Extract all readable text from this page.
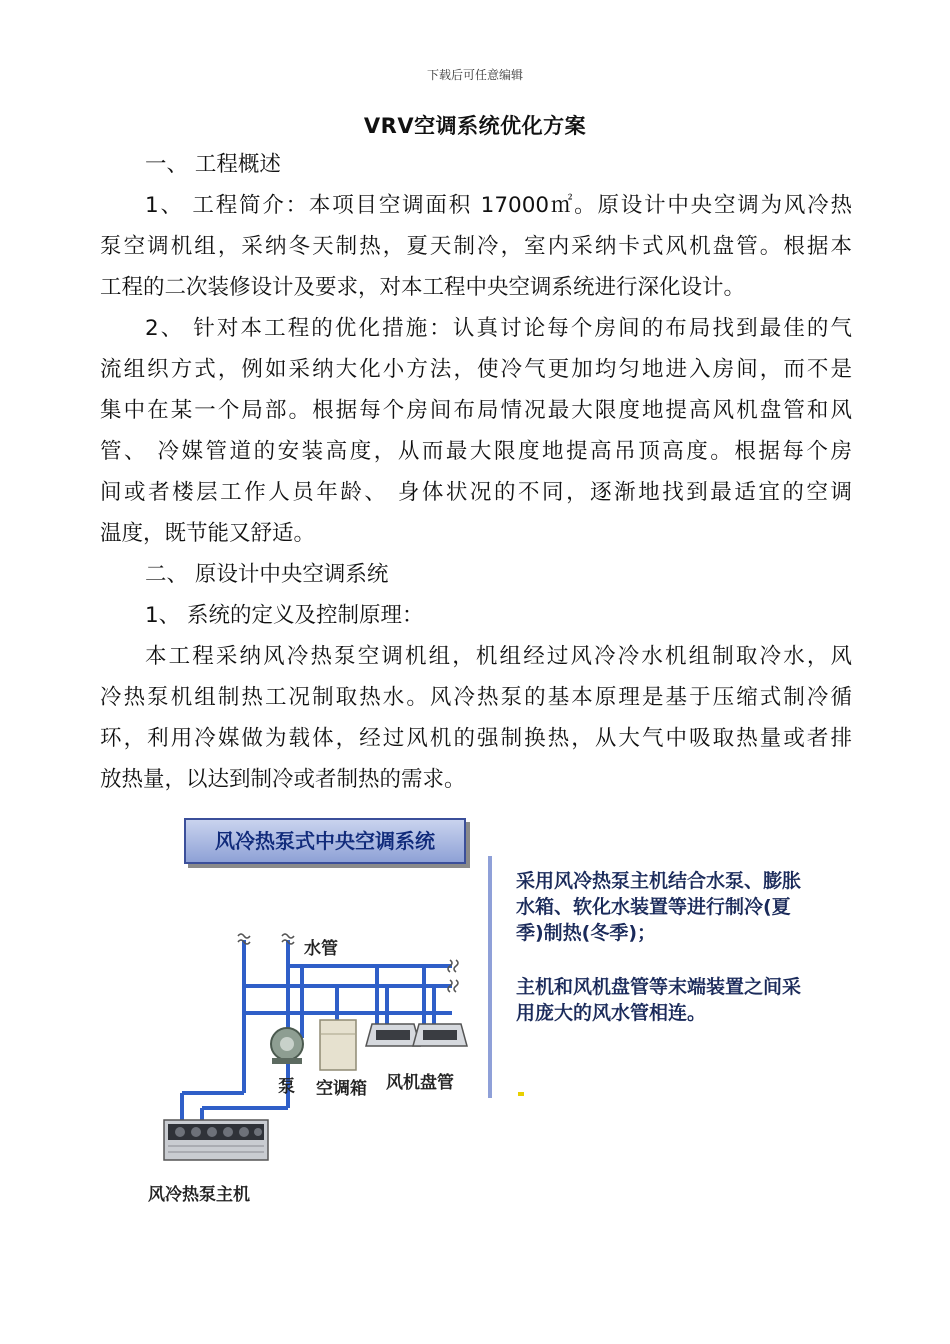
下载后可任意编辑
VRV空调系统优化方案
一、 工程概述
1、 工程简介：本项目空调面积 17000㎡。原设计中央空调为风冷热
泵空调机组，采纳冬天制热，夏天制冷，室内采纳卡式风机盘管。根据本
工程的二次装修设计及要求，对本工程中央空调系统进行深化设计。
2、 针对本工程的优化措施：认真讨论每个房间的布局找到最佳的气
流组织方式，例如采纳大化小方法，使冷气更加均匀地进入房间，而不是
集中在某一个局部。根据每个房间布局情况最大限度地提高风机盘管和风
管、 冷媒管道的安装高度，从而最大限度地提高吊顶高度。根据每个房
间或者楼层工作人员年龄、 身体状况的不同，逐渐地找到最适宜的空调
温度，既节能又舒适。
二、 原设计中央空调系统
1、 系统的定义及控制原理：
本工程采纳风冷热泵空调机组，机组经过风冷冷水机组制取冷水，风
冷热泵机组制热工况制取热水。风冷热泵的基本原理是基于压缩式制冷循
环，利用冷媒做为载体，经过风机的强制换热，从大气中吸取热量或者排
放热量，以达到制冷或者制热的需求。
风冷热泵式中央空调系统
水管
泵 空调箱 风机盘管
风冷热泵主机

采用风冷热泵主机结合水泵、膨胀水箱、软化水装置等进行制冷(夏季)制热(冬季)；

主机和风机盘管等末端装置之间采用庞大的风水管相连。
